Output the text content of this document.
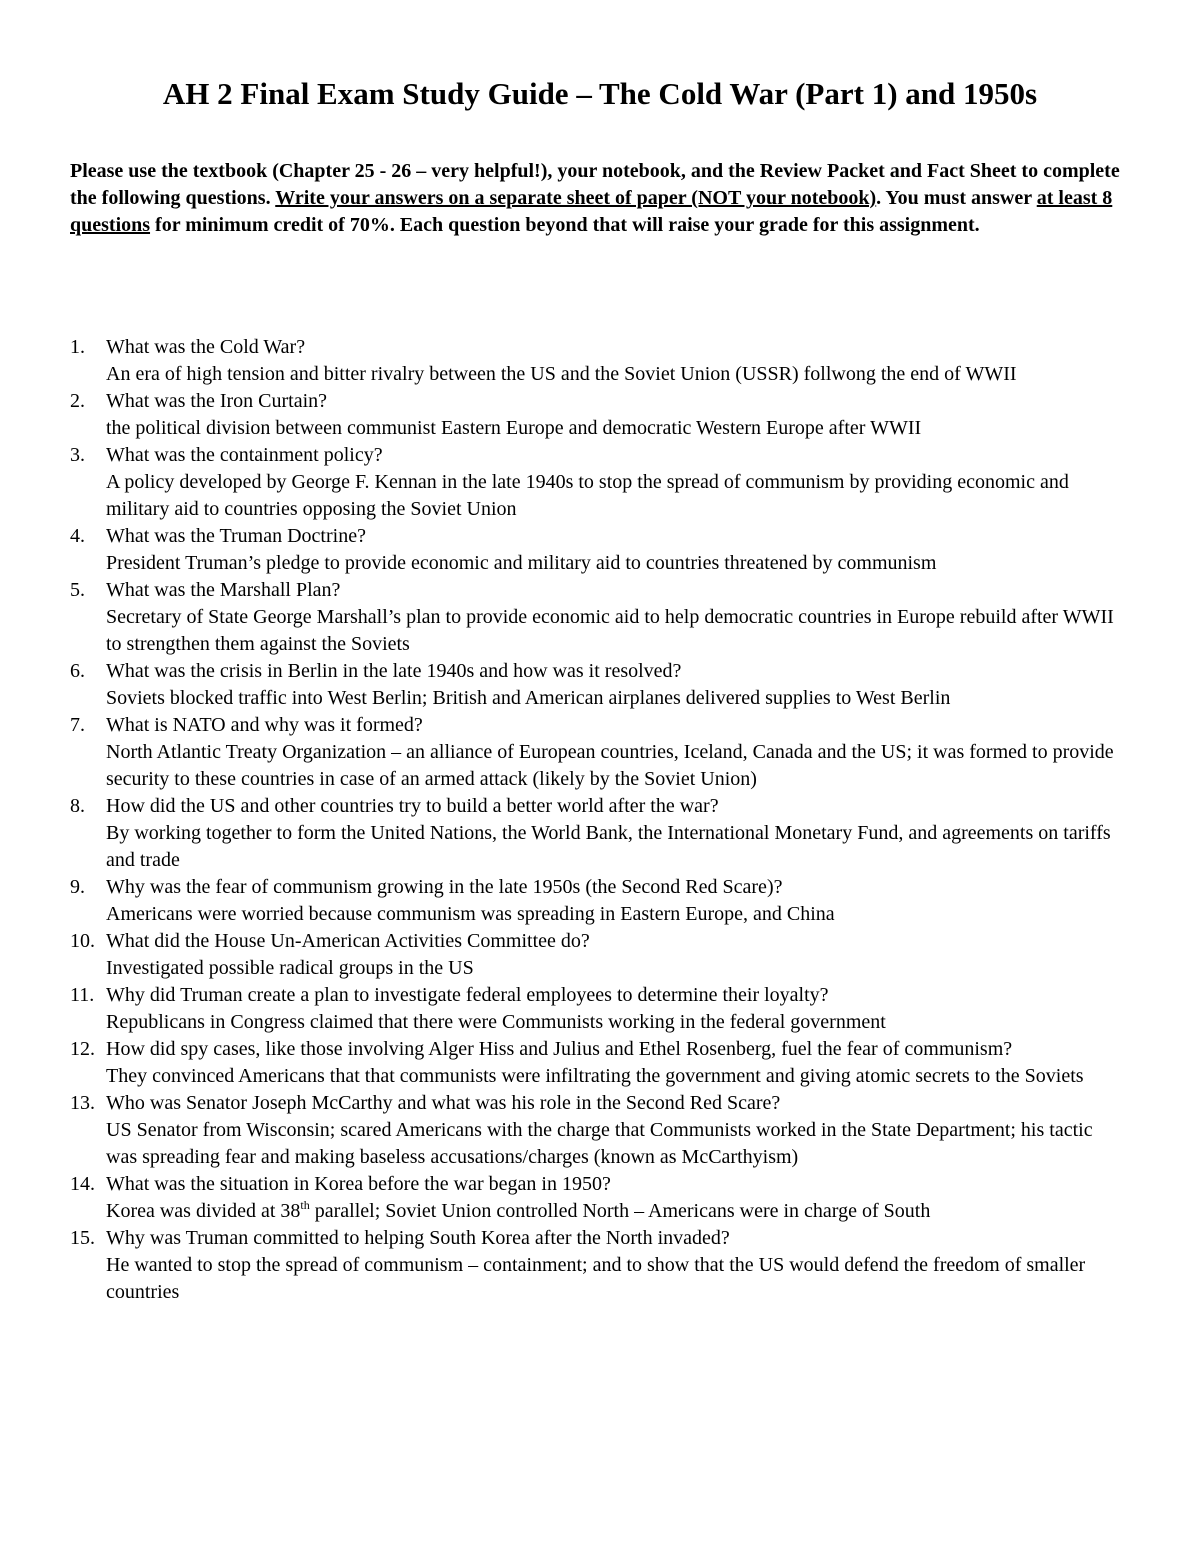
AH 2 Final Exam Study Guide – The Cold War (Part 1) and 1950s
Please use the textbook (Chapter 25 - 26 – very helpful!), your notebook, and the Review Packet and Fact Sheet to complete the following questions. Write your answers on a separate sheet of paper (NOT your notebook). You must answer at least 8 questions for minimum credit of 70%. Each question beyond that will raise your grade for this assignment.
1.	What was the Cold War?
An era of high tension and bitter rivalry between the US and the Soviet Union (USSR) follwong the end of WWII
2.	What was the Iron Curtain?
the political division between communist Eastern Europe and democratic Western Europe after WWII
3.	What was the containment policy?
A policy developed by George F. Kennan in the late 1940s to stop the spread of communism by providing economic and military aid to countries opposing the Soviet Union
4.	What was the Truman Doctrine?
President Truman’s pledge to provide economic and military aid to countries threatened by communism
5.	What was the Marshall Plan?
Secretary of State George Marshall’s plan to provide economic aid to help democratic countries in Europe rebuild after WWII to strengthen them against the Soviets
6.	What was the crisis in Berlin in the late 1940s and how was it resolved?
Soviets blocked traffic into West Berlin; British and American airplanes delivered supplies to West Berlin
7.	What is NATO and why was it formed?
North Atlantic Treaty Organization – an alliance of European countries, Iceland, Canada and the US; it was formed to provide security to these countries in case of an armed attack (likely by the Soviet Union)
8.	How did the US and other countries try to build a better world after the war?
By working together to form the United Nations, the World Bank, the International Monetary Fund, and agreements on tariffs and trade
9.	Why was the fear of communism growing in the late 1950s (the Second Red Scare)?
Americans were worried because communism was spreading in Eastern Europe, and China
10. What did the House Un-American Activities Committee do?
Investigated possible radical groups in the US
11. Why did Truman create a plan to investigate federal employees to determine their loyalty?
Republicans in Congress claimed that there were Communists working in the federal government
12. How did spy cases, like those involving Alger Hiss and Julius and Ethel Rosenberg, fuel the fear of communism?
They convinced Americans that that communists were infiltrating the government and giving atomic secrets to the Soviets
13. Who was Senator Joseph McCarthy and what was his role in the Second Red Scare?
US Senator from Wisconsin; scared Americans with the charge that Communists worked in the State Department; his tactic was spreading fear and making baseless accusations/charges (known as McCarthyism)
14. What was the situation in Korea before the war began in 1950?
Korea was divided at 38th parallel; Soviet Union controlled North – Americans were in charge of South
15. Why was Truman committed to helping South Korea after the North invaded?
He wanted to stop the spread of communism – containment; and to show that the US would defend the freedom of smaller countries
